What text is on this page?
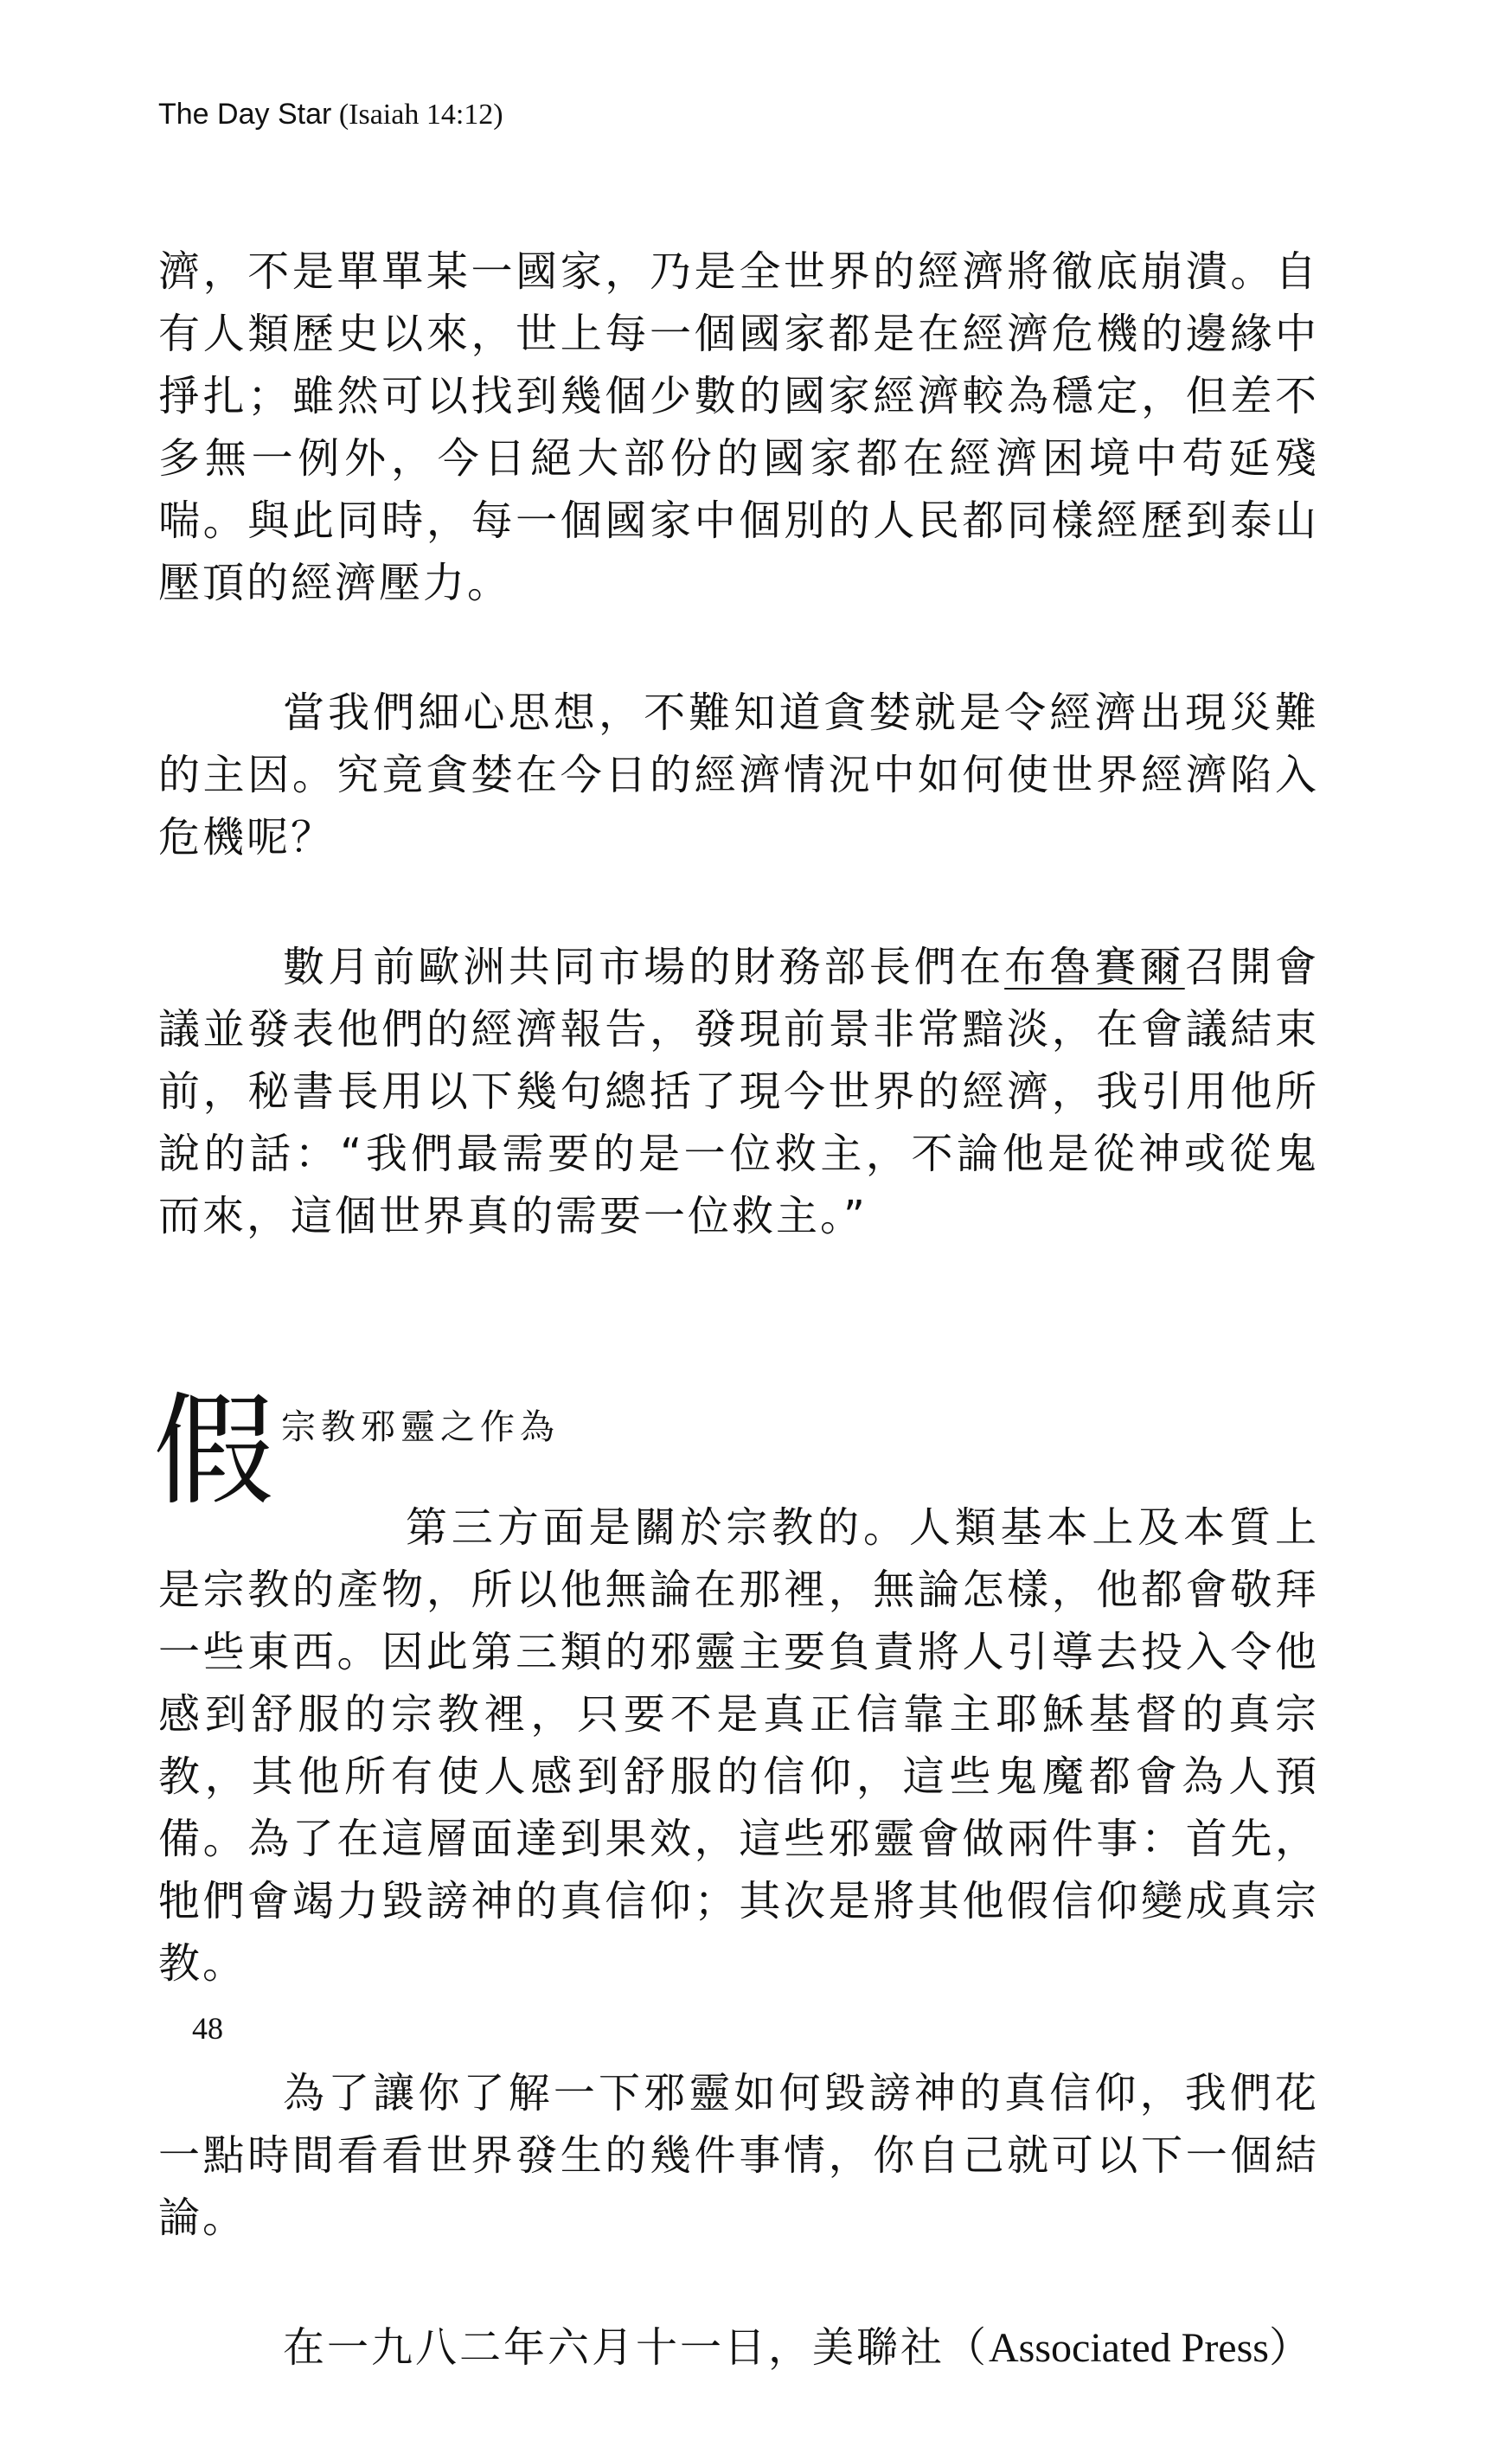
The Day Star (Isaiah 14:12)

濟，不是單單某一國家，乃是全世界的經濟將徹底崩潰。自有人類歷史以來，世上每一個國家都是在經濟危機的邊緣中掙扎；雖然可以找到幾個少數的國家經濟較為穩定，但差不多無一例外，今日絕大部份的國家都在經濟困境中苟延殘喘。與此同時，每一個國家中個別的人民都同樣經歷到泰山壓頂的經濟壓力。

當我們細心思想，不難知道貪婪就是令經濟出現災難的主因。究竟貪婪在今日的經濟情況中如何使世界經濟陷入危機呢？

數月前歐洲共同市場的財務部長們在布魯賽爾召開會議並發表他們的經濟報告，發現前景非常黯淡，在會議結束前，秘書長用以下幾句總括了現今世界的經濟，我引用他所說的話：“我們最需要的是一位救主，不論他是從神或從鬼而來，這個世界真的需要一位救主。”

假 宗教邪靈之作為

第三方面是關於宗教的。人類基本上及本質上是宗教的產物，所以他無論在那裡，無論怎樣，他都會敬拜一些東西。因此第三類的邪靈主要負責將人引導去投入令他感到舒服的宗教裡，只要不是真正信靠主耶穌基督的真宗教，其他所有使人感到舒服的信仰，這些鬼魔都會為人預備。為了在這層面達到果效，這些邪靈會做兩件事：首先，牠們會竭力毀謗神的真信仰；其次是將其他假信仰變成真宗教。

為了讓你了解一下邪靈如何毀謗神的真信仰，我們花一點時間看看世界發生的幾件事情，你自己就可以下一個結論。

在一九八二年六月十一日，美聯社（Associated Press）

48
